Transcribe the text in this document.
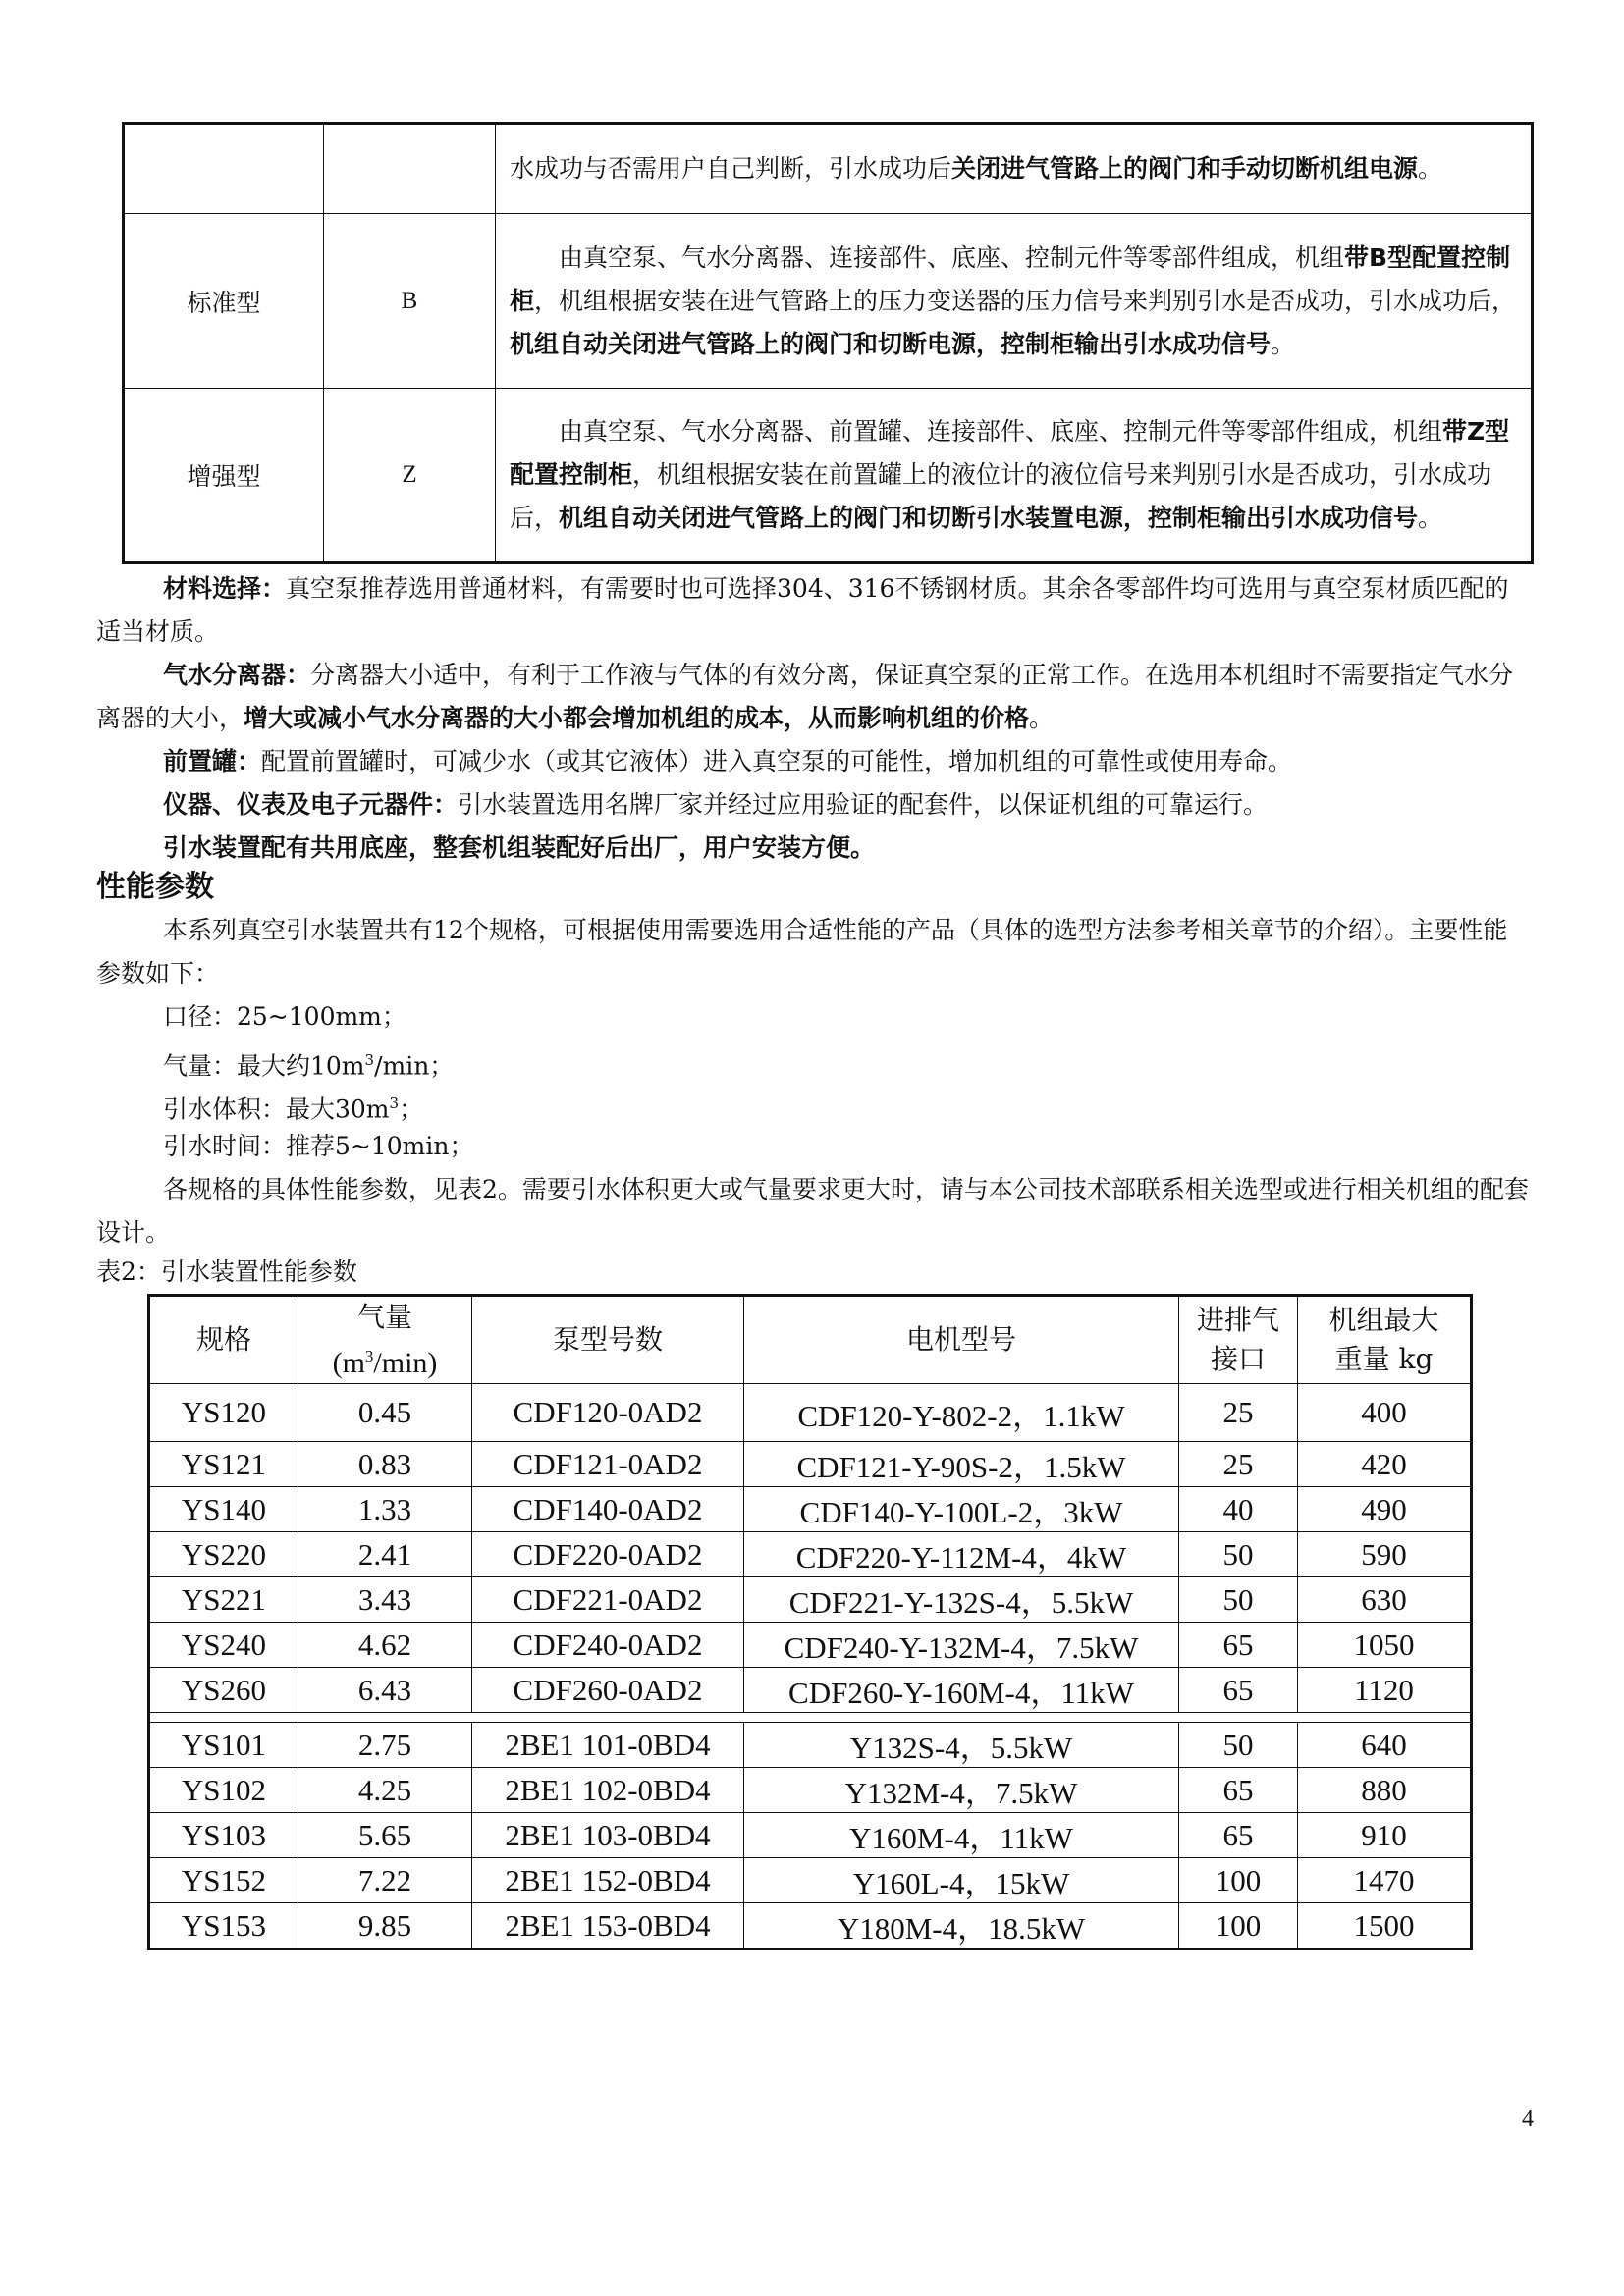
		水成功与否需用户自己判断，引水成功后关闭进气管路上的阀门和手动切断机组电源。
标准型	B	由真空泵、气水分离器、连接部件、底座、控制元件等零部件组成，机组带B型配置控制柜，机组根据安装在进气管路上的压力变送器的压力信号来判别引水是否成功，引水成功后，机组自动关闭进气管路上的阀门和切断电源，控制柜输出引水成功信号。
增强型	Z	由真空泵、气水分离器、前置罐、连接部件、底座、控制元件等零部件组成，机组带Z型配置控制柜，机组根据安装在前置罐上的液位计的液位信号来判别引水是否成功，引水成功后，机组自动关闭进气管路上的阀门和切断引水装置电源，控制柜输出引水成功信号。

材料选择：真空泵推荐选用普通材料，有需要时也可选择304、316不锈钢材质。其余各零部件均可选用与真空泵材质匹配的适当材质。

气水分离器：分离器大小适中，有利于工作液与气体的有效分离，保证真空泵的正常工作。在选用本机组时不需要指定气水分离器的大小，增大或减小气水分离器的大小都会增加机组的成本，从而影响机组的价格。

前置罐：配置前置罐时，可减少水（或其它液体）进入真空泵的可能性，增加机组的可靠性或使用寿命。

仪器、仪表及电子元器件：引水装置选用名牌厂家并经过应用验证的配套件，以保证机组的可靠运行。

引水装置配有共用底座，整套机组装配好后出厂，用户安装方便。

性能参数

本系列真空引水装置共有12个规格，可根据使用需要选用合适性能的产品（具体的选型方法参考相关章节的介绍）。主要性能参数如下：

口径：25~100mm；

气量：最大约$10m^3/\min$；

引水体积：最大$30m^3$；

引水时间：推荐5~10min；

各规格的具体性能参数，见表2。需要引水体积更大或气量要求更大时，请与本公司技术部联系相关选型或进行相关机组的配套设计。

表2：引水装置性能参数

规格	气量
$(m^3/\min)$	泵型号数	电机型号	进排气
接口	机组最大
重量 kg
YS120	0.45	CDF120-0AD2	CDF120-Y-802-2，1.1kW	25	400
YS121	0.83	CDF121-0AD2	CDF121-Y-90S-2，1.5kW	25	420
YS140	1.33	CDF140-0AD2	CDF140-Y-100L-2，3kW	40	490
YS220	2.41	CDF220-0AD2	CDF220-Y-112M-4，4kW	50	590
YS221	3.43	CDF221-0AD2	CDF221-Y-132S-4，5.5kW	50	630
YS240	4.62	CDF240-0AD2	CDF240-Y-132M-4，7.5kW	65	1050
YS260	6.43	CDF260-0AD2	CDF260-Y-160M-4，11kW	65	1120

YS101	2.75	2BE1 101-0BD4	Y132S-4，5.5kW	50	640
YS102	4.25	2BE1 102-0BD4	Y132M-4，7.5kW	65	880
YS103	5.65	2BE1 103-0BD4	Y160M-4，11kW	65	910
YS152	7.22	2BE1 152-0BD4	Y160L-4，15kW	100	1470
YS153	9.85	2BE1 153-0BD4	Y180M-4，18.5kW	100	1500
4
